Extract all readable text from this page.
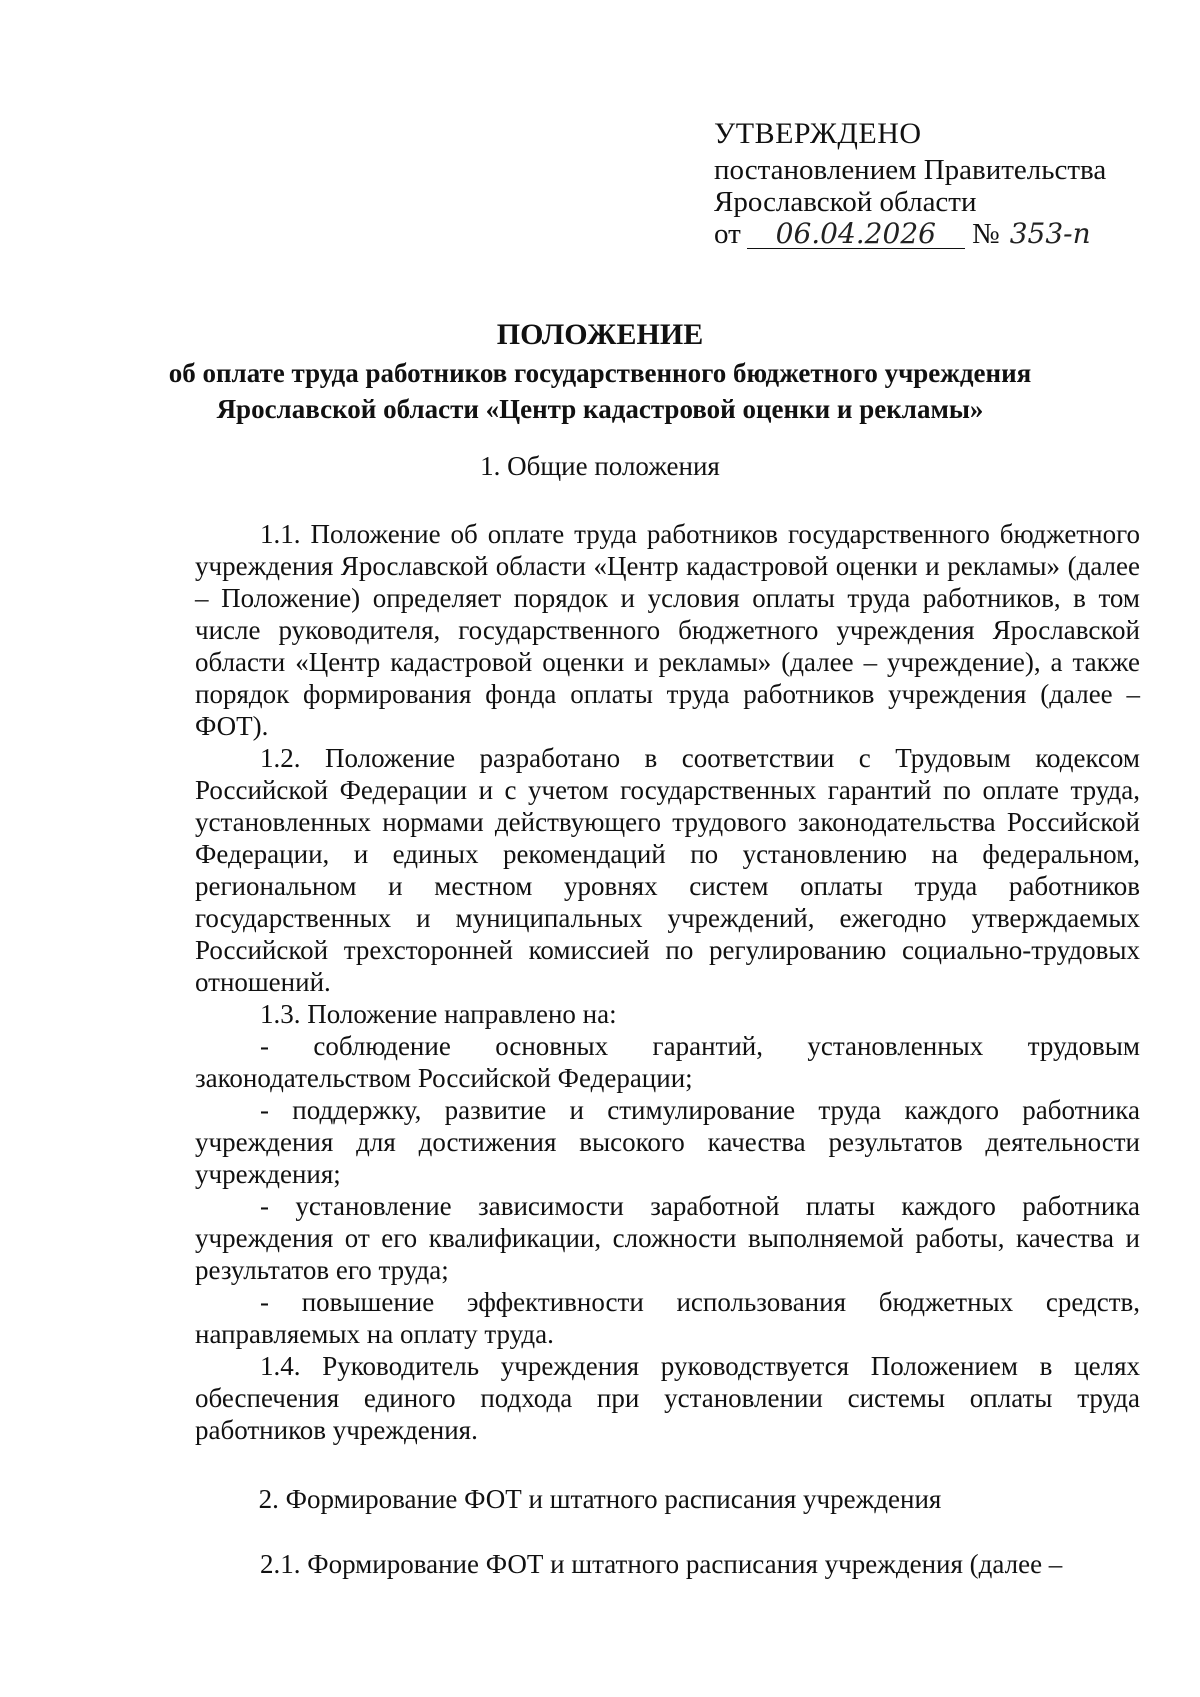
УТВЕРЖДЕНО
постановлением Правительства
Ярославской области
от 06.04.2026 № 353-п
ПОЛОЖЕНИЕ
об оплате труда работников государственного бюджетного учреждения
Ярославской области «Центр кадастровой оценки и рекламы»
1. Общие положения

1.1. Положение об оплате труда работников государственного бюджетного учреждения Ярославской области «Центр кадастровой оценки и рекламы» (далее – Положение) определяет порядок и условия оплаты труда работников, в том числе руководителя, государственного бюджетного учреждения Ярославской области «Центр кадастровой оценки и рекламы» (далее – учреждение), а также порядок формирования фонда оплаты труда работников учреждения (далее – ФОТ).

1.2. Положение разработано в соответствии с Трудовым кодексом Российской Федерации и с учетом государственных гарантий по оплате труда, установленных нормами действующего трудового законодательства Российской Федерации, и единых рекомендаций по установлению на федеральном, региональном и местном уровнях систем оплаты труда работников государственных и муниципальных учреждений, ежегодно утверждаемых Российской трехсторонней комиссией по регулированию социально-трудовых отношений.

1.3. Положение направлено на:

- соблюдение основных гарантий, установленных трудовым законодательством Российской Федерации;

- поддержку, развитие и стимулирование труда каждого работника учреждения для достижения высокого качества результатов деятельности учреждения;

- установление зависимости заработной платы каждого работника учреждения от его квалификации, сложности выполняемой работы, качества и результатов его труда;

- повышение эффективности использования бюджетных средств, направляемых на оплату труда.

1.4. Руководитель учреждения руководствуется Положением в целях обеспечения единого подхода при установлении системы оплаты труда работников учреждения.

2. Формирование ФОТ и штатного расписания учреждения

2.1. Формирование ФОТ и штатного расписания учреждения (далее –
